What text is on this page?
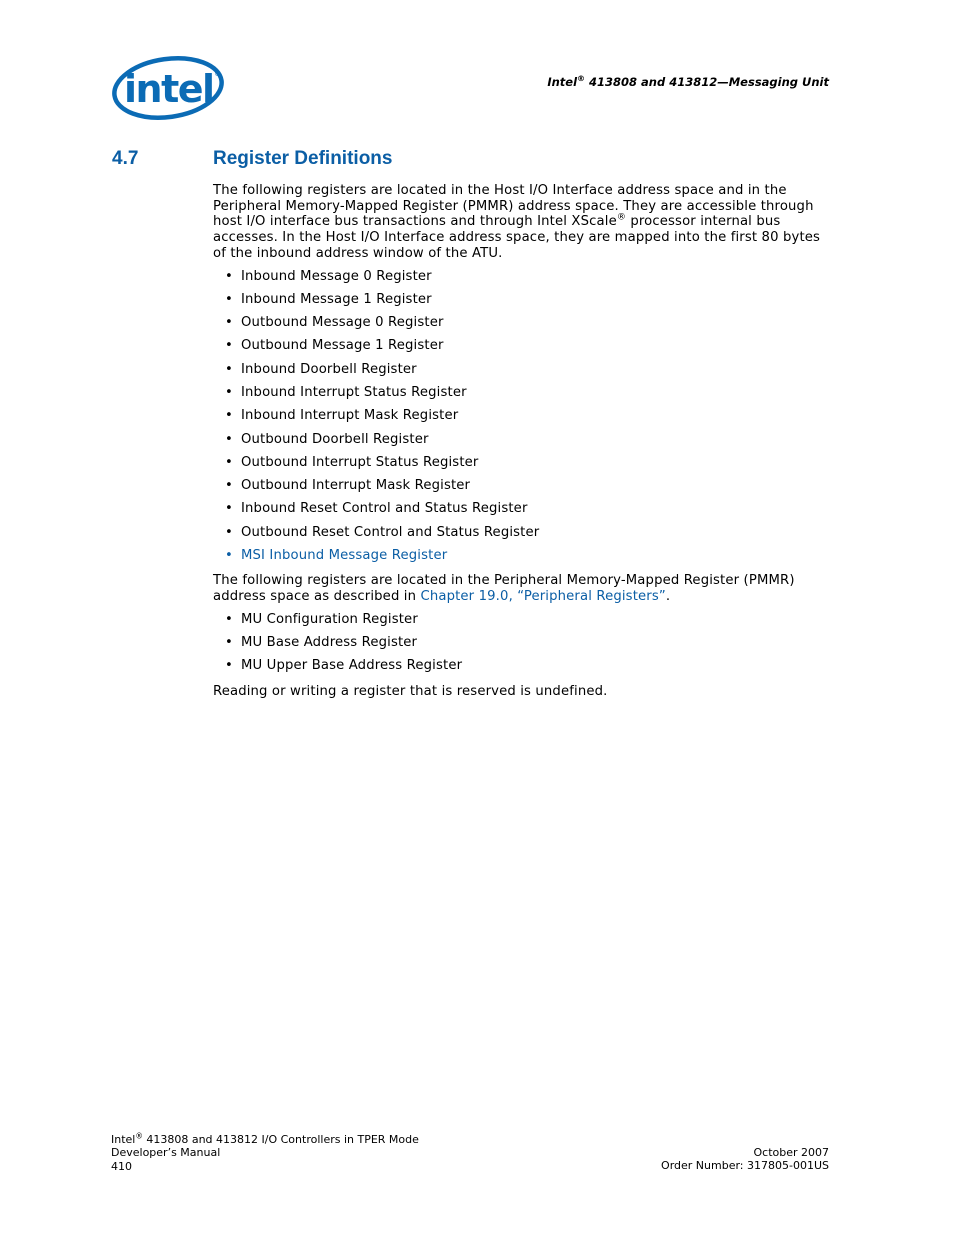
intel ®
Intel® 413808 and 413812—Messaging Unit
4.7	Register Definitions

The following registers are located in the Host I/O Interface address space and in the Peripheral Memory-Mapped Register (PMMR) address space. They are accessible through host I/O interface bus transactions and through Intel XScale® processor internal bus accesses. In the Host I/O Interface address space, they are mapped into the first 80 bytes of the inbound address window of the ATU.

• Inbound Message 0 Register
• Inbound Message 1 Register
• Outbound Message 0 Register
• Outbound Message 1 Register
• Inbound Doorbell Register
• Inbound Interrupt Status Register
• Inbound Interrupt Mask Register
• Outbound Doorbell Register
• Outbound Interrupt Status Register
• Outbound Interrupt Mask Register
• Inbound Reset Control and Status Register
• Outbound Reset Control and Status Register
• MSI Inbound Message Register

The following registers are located in the Peripheral Memory-Mapped Register (PMMR) address space as described in Chapter 19.0, “Peripheral Registers”.

• MU Configuration Register
• MU Base Address Register
• MU Upper Base Address Register

Reading or writing a register that is reserved is undefined.

Intel® 413808 and 413812 I/O Controllers in TPER Mode
Developer’s Manual
410
October 2007
Order Number: 317805-001US
